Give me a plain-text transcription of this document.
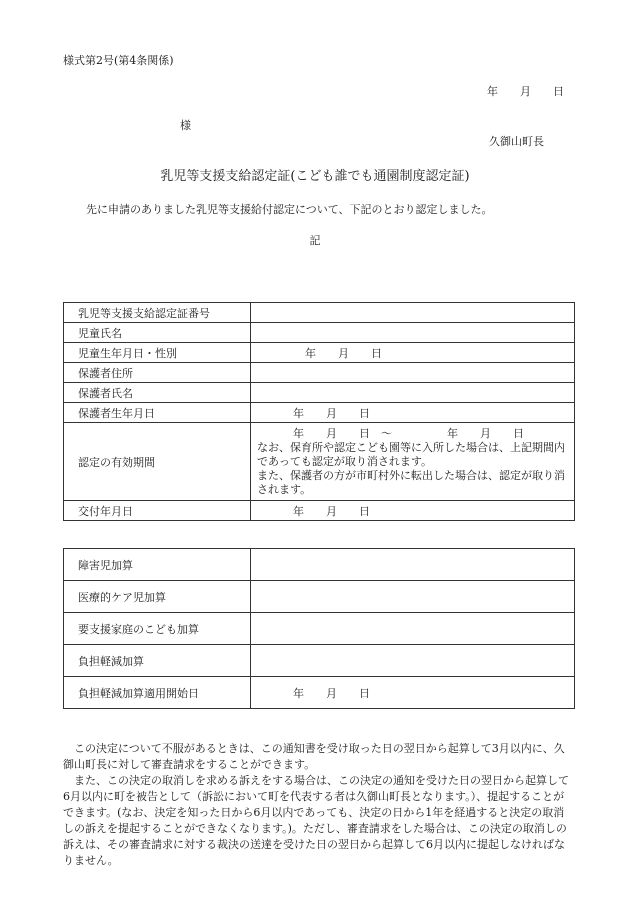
様式第2号(第4条関係)
年　　月　　日
様
久御山町長
乳児等支援支給認定証(こども誰でも通園制度認定証)
先に申請のありました乳児等支援給付認定について、下記のとおり認定しました。
記
乳児等支援支給認定証番号	
児童氏名	
児童生年月日・性別	年　　月　　日
保護者住所	
保護者氏名	
保護者生年月日	年　　月　　日
認定の有効期間	年　　月　　日　～　　　　　年　　月　　日
なお、保育所や認定こども園等に入所した場合は、上記期間内であっても認定が取り消されます。
また、保護者の方が市町村外に転出した場合は、認定が取り消されます。

交付年月日	年　　月　　日
障害児加算	
医療的ケア児加算	
要支援家庭のこども加算	
負担軽減加算	
負担軽減加算適用開始日	年　　月　　日

この決定について不服があるときは、この通知書を受け取った日の翌日から起算して3月以内に、久御山町長に対して審査請求をすることができます。

また、この決定の取消しを求める訴えをする場合は、この決定の通知を受けた日の翌日から起算して6月以内に町を被告として（訴訟において町を代表する者は久御山町長となります。）、提起することができます。(なお、決定を知った日から6月以内であっても、決定の日から1年を経過すると決定の取消しの訴えを提起することができなくなります。)。ただし、審査請求をした場合は、この決定の取消しの訴えは、その審査請求に対する裁決の送達を受けた日の翌日から起算して6月以内に提起しなければなりません。
